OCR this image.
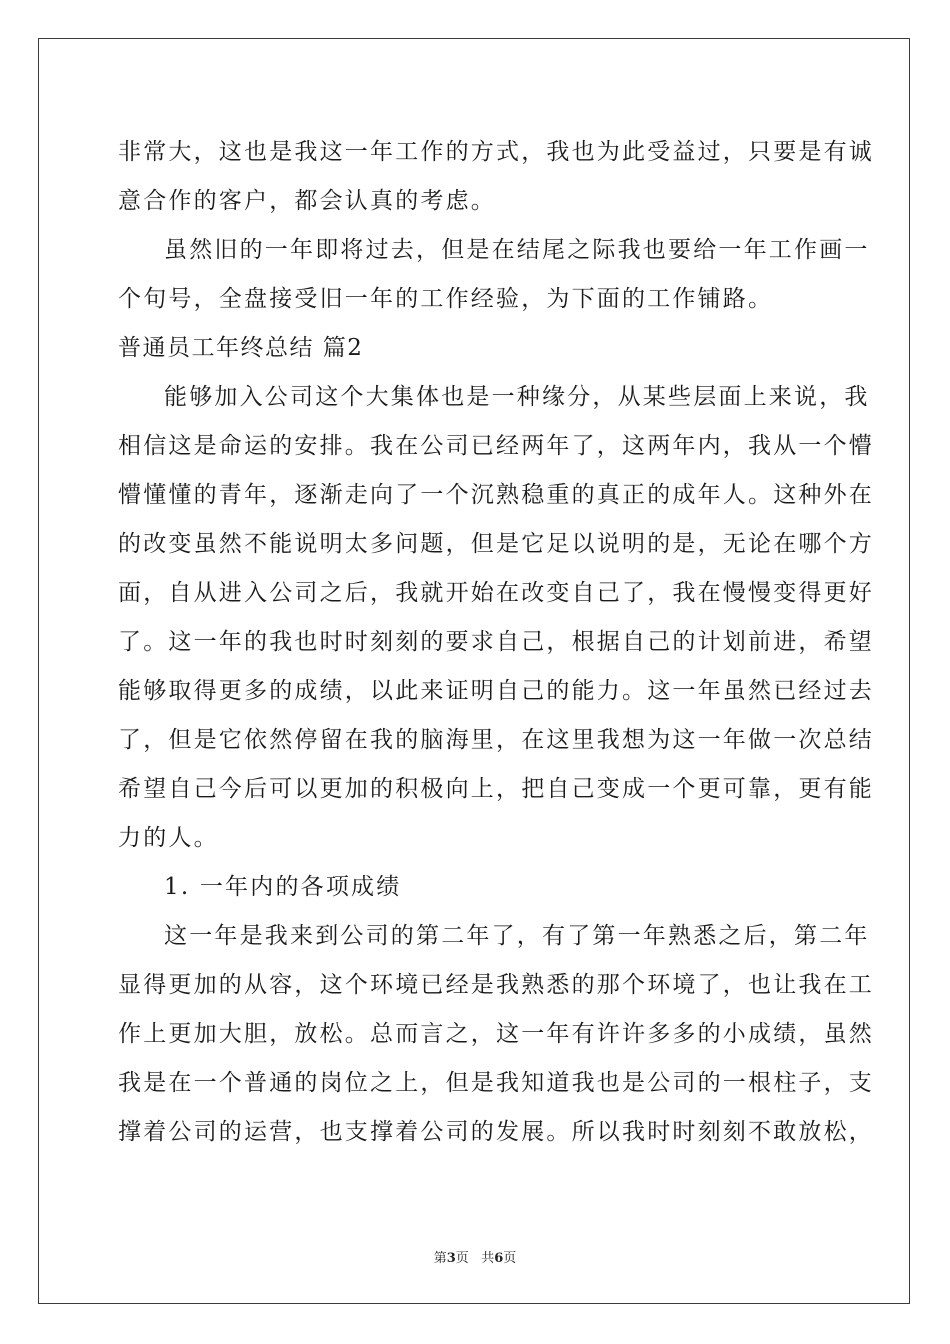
非常大，这也是我这一年工作的方式，我也为此受益过，只要是有诚
意合作的客户，都会认真的考虑。
虽然旧的一年即将过去，但是在结尾之际我也要给一年工作画一
个句号，全盘接受旧一年的工作经验，为下面的工作铺路。
普通员工年终总结 篇2
能够加入公司这个大集体也是一种缘分，从某些层面上来说，我
相信这是命运的安排。我在公司已经两年了，这两年内，我从一个懵
懵懂懂的青年，逐渐走向了一个沉熟稳重的真正的成年人。这种外在
的改变虽然不能说明太多问题，但是它足以说明的是，无论在哪个方
面，自从进入公司之后，我就开始在改变自己了，我在慢慢变得更好
了。这一年的我也时时刻刻的要求自己，根据自己的计划前进，希望
能够取得更多的成绩，以此来证明自己的能力。这一年虽然已经过去
了，但是它依然停留在我的脑海里，在这里我想为这一年做一次总结
希望自己今后可以更加的积极向上，把自己变成一个更可靠，更有能
力的人。
1. 一年内的各项成绩
这一年是我来到公司的第二年了，有了第一年熟悉之后，第二年
显得更加的从容，这个环境已经是我熟悉的那个环境了，也让我在工
作上更加大胆，放松。总而言之，这一年有许许多多的小成绩，虽然
我是在一个普通的岗位之上，但是我知道我也是公司的一根柱子，支
撑着公司的运营，也支撑着公司的发展。所以我时时刻刻不敢放松，
第3页 共6页
